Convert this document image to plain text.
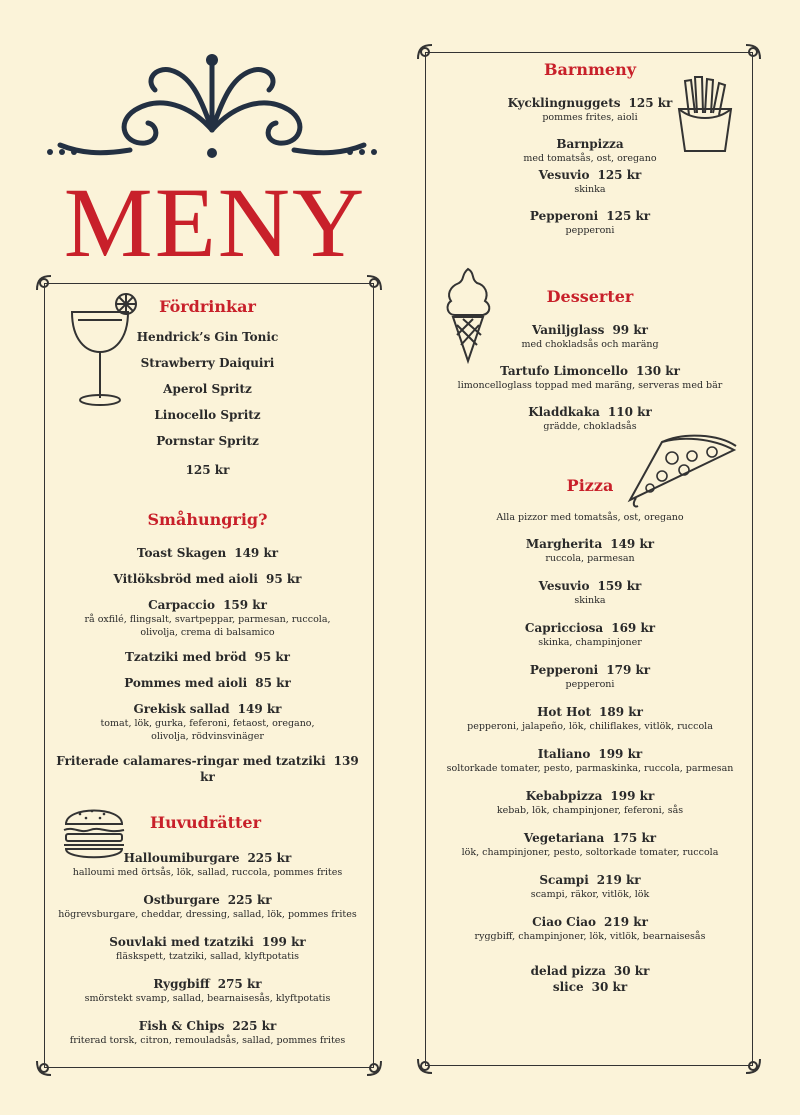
MENY
Fördrinkar
Hendrick’s Gin Tonic
Strawberry Daiquiri
Aperol Spritz
Linocello Spritz
Pornstar Spritz
125 kr
Småhungrig?
Toast Skagen 149 kr
Vitlöksbröd med aioli 95 kr
Carpaccio 159 kr
rå oxfilé, flingsalt, svartpeppar, parmesan, ruccola,
olivolja, crema di balsamico
Tzatziki med bröd 95 kr
Pommes med aioli 85 kr
Grekisk sallad 149 kr
tomat, lök, gurka, feferoni, fetaost, oregano,
olivolja, rödvinsvinäger
Friterade calamares-ringar med tzatziki 139 kr
Huvudrätter
Halloumiburgare 225 kr
halloumi med örtsås, lök, sallad, ruccola, pommes frites
Ostburgare 225 kr
högrevsburgare, cheddar, dressing, sallad, lök, pommes frites
Souvlaki med tzatziki 199 kr
fläskspett, tzatziki, sallad, klyftpotatis
Ryggbiff 275 kr
smörstekt svamp, sallad, bearnaisesås, klyftpotatis
Fish & Chips 225 kr
friterad torsk, citron, remouladsås, sallad, pommes frites
Barnmeny
Kycklingnuggets 125 kr
pommes frites, aioli
Barnpizza
med tomatsås, ost, oregano
Vesuvio 125 kr
skinka
Pepperoni 125 kr
pepperoni
Desserter
Vaniljglass 99 kr
med chokladsås och maräng
Tartufo Limoncello 130 kr
limoncelloglass toppad med maräng, serveras med bär
Kladdkaka 110 kr
grädde, chokladsås
Pizza
Alla pizzor med tomatsås, ost, oregano
Margherita 149 kr
ruccola, parmesan
Vesuvio 159 kr
skinka
Capricciosa 169 kr
skinka, champinjoner
Pepperoni 179 kr
pepperoni
Hot Hot 189 kr
pepperoni, jalapeño, lök, chiliflakes, vitlök, ruccola
Italiano 199 kr
soltorkade tomater, pesto, parmaskinka, ruccola, parmesan
Kebabpizza 199 kr
kebab, lök, champinjoner, feferoni, sås
Vegetariana 175 kr
lök, champinjoner, pesto, soltorkade tomater, ruccola
Scampi 219 kr
scampi, räkor, vitlök, lök
Ciao Ciao 219 kr
ryggbiff, champinjoner, lök, vitlök, bearnaisesås
delad pizza 30 kr
slice 30 kr
